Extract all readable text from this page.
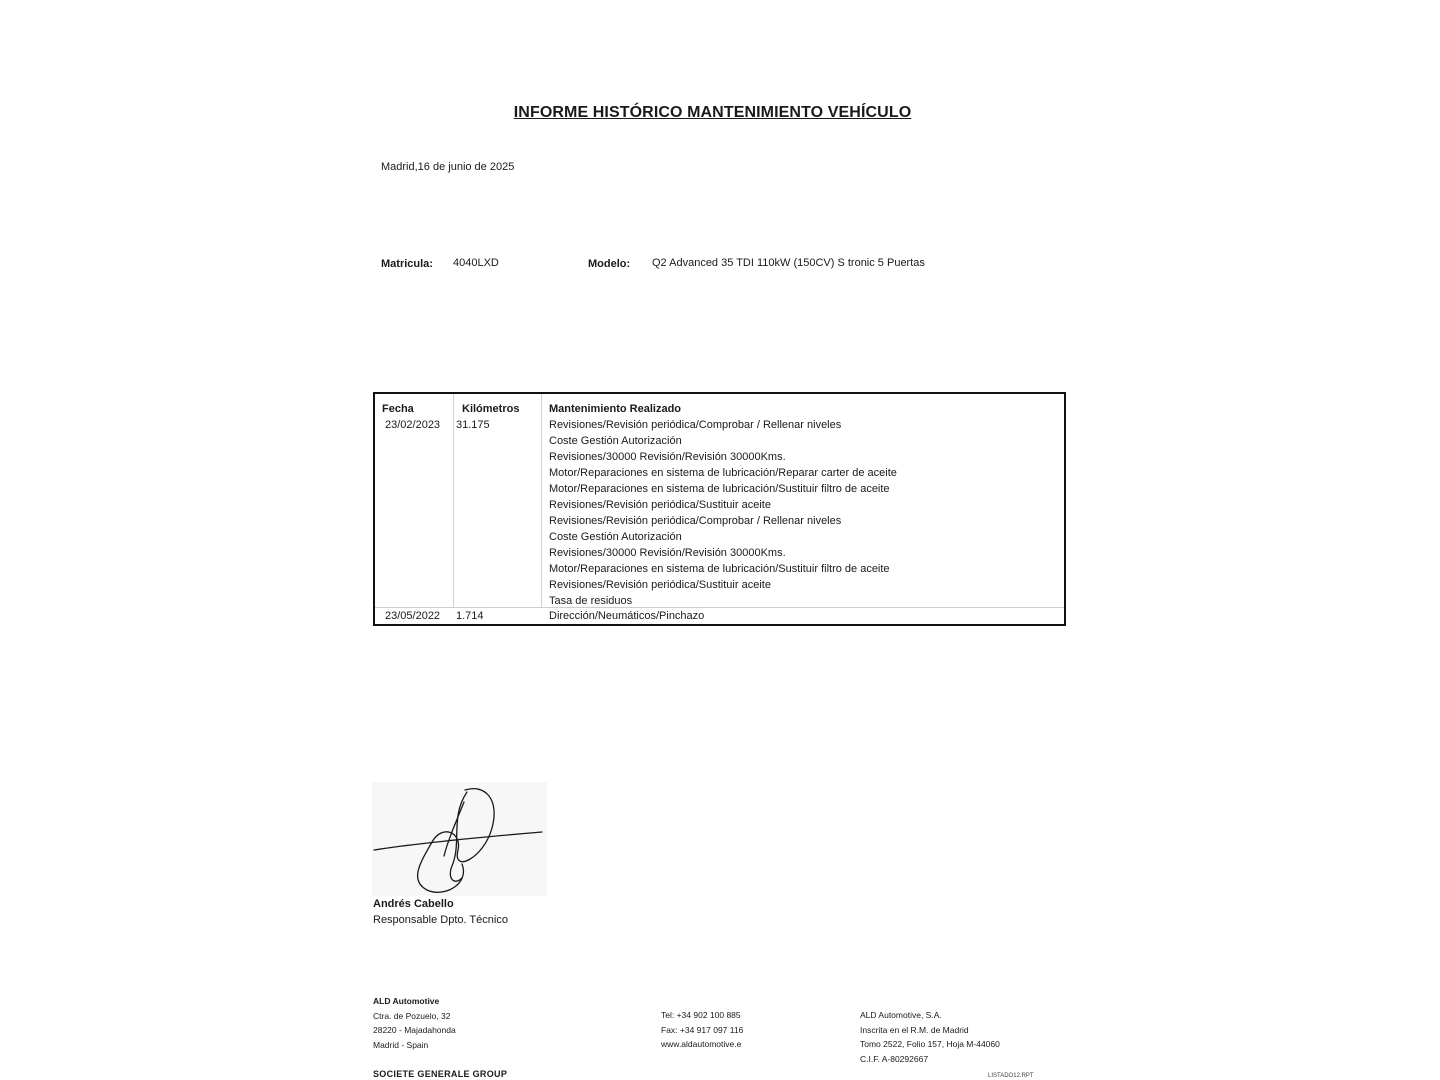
INFORME HISTÓRICO MANTENIMIENTO VEHÍCULO
Madrid,16 de junio de 2025
Matricula: 4040LXD	Modelo: Q2 Advanced 35 TDI 110kW (150CV) S tronic 5 Puertas
Fecha	Kilómetros	Mantenimiento Realizado
23/02/2023 31.175	Revisiones/Revisión periódica/Comprobar / Rellenar niveles
Coste Gestión Autorización
Revisiones/30000 Revisión/Revisión 30000Kms.
Motor/Reparaciones en sistema de lubricación/Reparar carter de aceite
Motor/Reparaciones en sistema de lubricación/Sustituir filtro de aceite
Revisiones/Revisión periódica/Sustituir aceite
Revisiones/Revisión periódica/Comprobar / Rellenar niveles
Coste Gestión Autorización
Revisiones/30000 Revisión/Revisión 30000Kms.
Motor/Reparaciones en sistema de lubricación/Sustituir filtro de aceite
Revisiones/Revisión periódica/Sustituir aceite
Tasa de residuos
23/05/2022 1.714	Dirección/Neumáticos/Pinchazo
Andrés Cabello
Responsable Dpto. Técnico
ALD Automotive
Ctra. de Pozuelo, 32
28220 - Majadahonda
Madrid - Spain
Tel: +34 902 100 885
Fax: +34 917 097 116
www.aldautomotive.e
ALD Automotive, S.A.
Inscrita en el R.M. de Madrid
Tomo 2522, Folio 157, Hoja M-44060
C.I.F. A-80292667
SOCIETE GENERALE GROUP	LISTADO12.RPT
